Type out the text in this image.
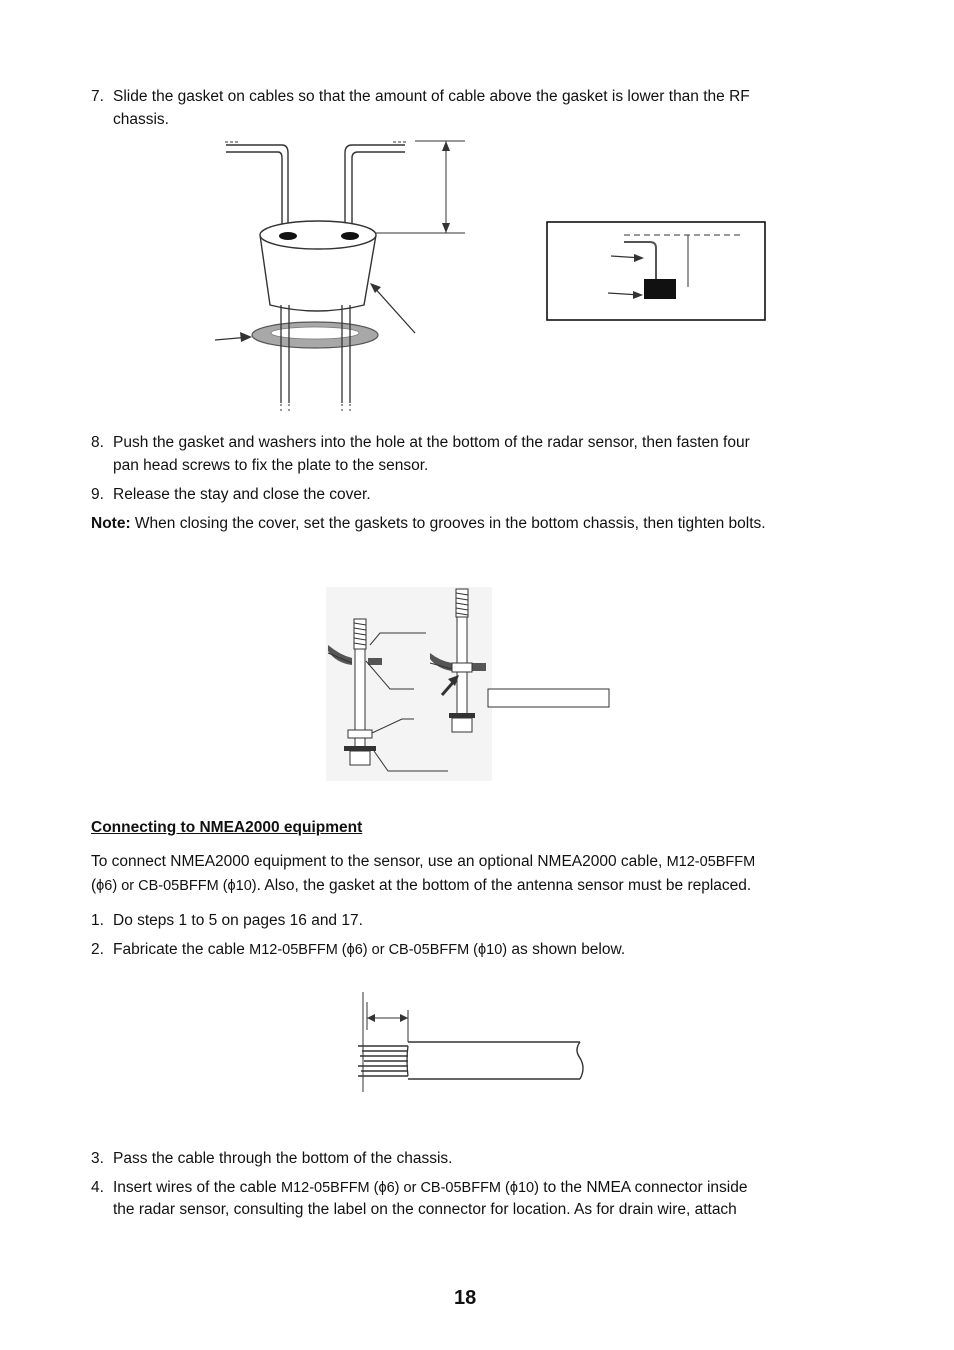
7. Slide the gasket on cables so that the amount of cable above the gasket is lower than the RF
chassis.
8. Push the gasket and washers into the hole at the bottom of the radar sensor, then fasten four
pan head screws to fix the plate to the sensor.
9. Release the stay and close the cover.
Note: When closing the cover, set the gaskets to grooves in the bottom chassis, then tighten bolts.
Connecting to NMEA2000 equipment
To connect NMEA2000 equipment to the sensor, use an optional NMEA2000 cable, M12-05BFFM
(ϕ6) or CB-05BFFM (ϕ10). Also, the gasket at the bottom of the antenna sensor must be replaced.
1. Do steps 1 to 5 on pages 16 and 17.
2. Fabricate the cable M12-05BFFM (ϕ6) or CB-05BFFM (ϕ10) as shown below.
3. Pass the cable through the bottom of the chassis.
4. Insert wires of the cable M12-05BFFM (ϕ6) or CB-05BFFM (ϕ10) to the NMEA connector inside
the radar sensor, consulting the label on the connector for location. As for drain wire, attach
18
